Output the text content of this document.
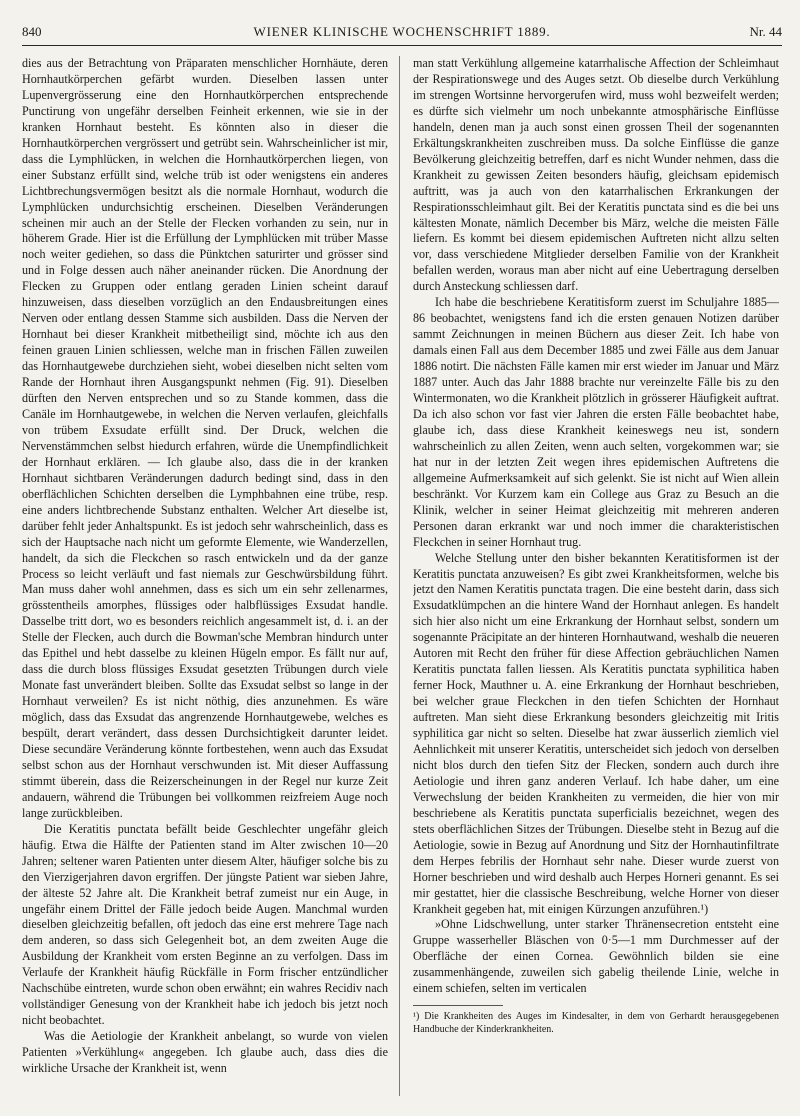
840	WIENER KLINISCHE WOCHENSCHRIFT 1889.	Nr. 44

dies aus der Betrachtung von Präparaten menschlicher Hornhäute, deren Hornhautkörperchen gefärbt wurden. Dieselben lassen unter Lupenvergrösserung eine den Hornhautkörperchen entsprechende Punctirung von ungefähr derselben Feinheit erkennen, wie sie in der kranken Hornhaut besteht. Es könnten also in dieser die Hornhautkörperchen vergrössert und getrübt sein. Wahrscheinlicher ist mir, dass die Lymphlücken, in welchen die Hornhautkörperchen liegen, von einer Substanz erfüllt sind, welche trüb ist oder wenigstens ein anderes Lichtbrechungsvermögen besitzt als die normale Hornhaut, wodurch die Lymphlücken undurchsichtig erscheinen. Dieselben Veränderungen scheinen mir auch an der Stelle der Flecken vorhanden zu sein, nur in höherem Grade. Hier ist die Erfüllung der Lymphlücken mit trüber Masse noch weiter gediehen, so dass die Pünktchen saturirter und grösser sind und in Folge dessen auch näher aneinander rücken. Die Anordnung der Flecken zu Gruppen oder entlang geraden Linien scheint darauf hinzuweisen, dass dieselben vorzüglich an den Endausbreitungen eines Nerven oder entlang dessen Stamme sich ausbilden. Dass die Nerven der Hornhaut bei dieser Krankheit mitbetheiligt sind, möchte ich aus den feinen grauen Linien schliessen, welche man in frischen Fällen zuweilen das Hornhautgewebe durchziehen sieht, wobei dieselben nicht selten vom Rande der Hornhaut ihren Ausgangspunkt nehmen (Fig. 91). Dieselben dürften den Nerven entsprechen und so zu Stande kommen, dass die Canäle im Hornhautgewebe, in welchen die Nerven verlaufen, gleichfalls von trübem Exsudate erfüllt sind. Der Druck, welchen die Nervenstämmchen selbst hiedurch erfahren, würde die Unempfindlichkeit der Hornhaut erklären. — Ich glaube also, dass die in der kranken Hornhaut sichtbaren Veränderungen dadurch bedingt sind, dass in den oberflächlichen Schichten derselben die Lymphbahnen eine trübe, resp. eine anders lichtbrechende Substanz enthalten. Welcher Art dieselbe ist, darüber fehlt jeder Anhaltspunkt. Es ist jedoch sehr wahrscheinlich, dass es sich der Hauptsache nach nicht um geformte Elemente, wie Wanderzellen, handelt, da sich die Fleckchen so rasch entwickeln und da der ganze Process so leicht verläuft und fast niemals zur Geschwürsbildung führt. Man muss daher wohl annehmen, dass es sich um ein sehr zellenarmes, grösstentheils amorphes, flüssiges oder halbflüssiges Exsudat handle. Dasselbe tritt dort, wo es besonders reichlich angesammelt ist, d. i. an der Stelle der Flecken, auch durch die Bowman'sche Membran hindurch unter das Epithel und hebt dasselbe zu kleinen Hügeln empor. Es fällt nur auf, dass die durch bloss flüssiges Exsudat gesetzten Trübungen durch viele Monate fast unverändert bleiben. Sollte das Exsudat selbst so lange in der Hornhaut verweilen? Es ist nicht nöthig, dies anzunehmen. Es wäre möglich, dass das Exsudat das angrenzende Hornhautgewebe, welches es bespült, derart verändert, dass dessen Durchsichtigkeit darunter leidet. Diese secundäre Veränderung könnte fortbestehen, wenn auch das Exsudat selbst schon aus der Hornhaut verschwunden ist. Mit dieser Auffassung stimmt überein, dass die Reizerscheinungen in der Regel nur kurze Zeit andauern, während die Trübungen bei vollkommen reizfreiem Auge noch lange zurückbleiben.

Die Keratitis punctata befällt beide Geschlechter ungefähr gleich häufig. Etwa die Hälfte der Patienten stand im Alter zwischen 10—20 Jahren; seltener waren Patienten unter diesem Alter, häufiger solche bis zu den Vierzigerjahren davon ergriffen. Der jüngste Patient war sieben Jahre, der älteste 52 Jahre alt. Die Krankheit betraf zumeist nur ein Auge, in ungefähr einem Drittel der Fälle jedoch beide Augen. Manchmal wurden dieselben gleichzeitig befallen, oft jedoch das eine erst mehrere Tage nach dem anderen, so dass sich Gelegenheit bot, an dem zweiten Auge die Ausbildung der Krankheit vom ersten Beginne an zu verfolgen. Dass im Verlaufe der Krankheit häufig Rückfälle in Form frischer entzündlicher Nachschübe eintreten, wurde schon oben erwähnt; ein wahres Recidiv nach vollständiger Genesung von der Krankheit habe ich jedoch bis jetzt noch nicht beobachtet.

Was die Aetiologie der Krankheit anbelangt, so wurde von vielen Patienten »Verkühlung« angegeben. Ich glaube auch, dass dies die wirkliche Ursache der Krankheit ist, wenn

man statt Verkühlung allgemeine katarrhalische Affection der Schleimhaut der Respirationswege und des Auges setzt. Ob dieselbe durch Verkühlung im strengen Wortsinne hervorgerufen wird, muss wohl bezweifelt werden; es dürfte sich vielmehr um noch unbekannte atmosphärische Einflüsse handeln, denen man ja auch sonst einen grossen Theil der sogenannten Erkältungskrankheiten zuschreiben muss. Da solche Einflüsse die ganze Bevölkerung gleichzeitig betreffen, darf es nicht Wunder nehmen, dass die Krankheit zu gewissen Zeiten besonders häufig, gleichsam epidemisch auftritt, was ja auch von den katarrhalischen Erkrankungen der Respirationsschleimhaut gilt. Bei der Keratitis punctata sind es die bei uns kältesten Monate, nämlich December bis März, welche die meisten Fälle liefern. Es kommt bei diesem epidemischen Auftreten nicht allzu selten vor, dass verschiedene Mitglieder derselben Familie von der Krankheit befallen werden, woraus man aber nicht auf eine Uebertragung derselben durch Ansteckung schliessen darf.

Ich habe die beschriebene Keratitisform zuerst im Schuljahre 1885—86 beobachtet, wenigstens fand ich die ersten genauen Notizen darüber sammt Zeichnungen in meinen Büchern aus dieser Zeit. Ich habe von damals einen Fall aus dem December 1885 und zwei Fälle aus dem Januar 1886 notirt. Die nächsten Fälle kamen mir erst wieder im Januar und März 1887 unter. Auch das Jahr 1888 brachte nur vereinzelte Fälle bis zu den Wintermonaten, wo die Krankheit plötzlich in grösserer Häufigkeit auftrat. Da ich also schon vor fast vier Jahren die ersten Fälle beobachtet habe, glaube ich, dass diese Krankheit keineswegs neu ist, sondern wahrscheinlich zu allen Zeiten, wenn auch selten, vorgekommen war; sie hat nur in der letzten Zeit wegen ihres epidemischen Auftretens die allgemeine Aufmerksamkeit auf sich gelenkt. Sie ist nicht auf Wien allein beschränkt. Vor Kurzem kam ein College aus Graz zu Besuch an die Klinik, welcher in seiner Heimat gleichzeitig mit mehreren anderen Personen daran erkrankt war und noch immer die charakteristischen Fleckchen in seiner Hornhaut trug.

Welche Stellung unter den bisher bekannten Keratitisformen ist der Keratitis punctata anzuweisen? Es gibt zwei Krankheitsformen, welche bis jetzt den Namen Keratitis punctata tragen. Die eine besteht darin, dass sich Exsudatklümpchen an die hintere Wand der Hornhaut anlegen. Es handelt sich hier also nicht um eine Erkrankung der Hornhaut selbst, sondern um sogenannte Präcipitate an der hinteren Hornhautwand, weshalb die neueren Autoren mit Recht den früher für diese Affection gebräuchlichen Namen Keratitis punctata fallen liessen. Als Keratitis punctata syphilitica haben ferner Hock, Mauthner u. A. eine Erkrankung der Hornhaut beschrieben, bei welcher graue Fleckchen in den tiefen Schichten der Hornhaut auftreten. Man sieht diese Erkrankung besonders gleichzeitig mit Iritis syphilitica gar nicht so selten. Dieselbe hat zwar äusserlich ziemlich viel Aehnlichkeit mit unserer Keratitis, unterscheidet sich jedoch von derselben nicht blos durch den tiefen Sitz der Flecken, sondern auch durch ihre Aetiologie und ihren ganz anderen Verlauf. Ich habe daher, um eine Verwechslung der beiden Krankheiten zu vermeiden, die hier von mir beschriebene als Keratitis punctata superficialis bezeichnet, wegen des stets oberflächlichen Sitzes der Trübungen. Dieselbe steht in Bezug auf die Aetiologie, sowie in Bezug auf Anordnung und Sitz der Hornhautinfiltrate dem Herpes febrilis der Hornhaut sehr nahe. Dieser wurde zuerst von Horner beschrieben und wird deshalb auch Herpes Horneri genannt. Es sei mir gestattet, hier die classische Beschreibung, welche Horner von dieser Krankheit gegeben hat, mit einigen Kürzungen anzuführen.¹)

»Ohne Lidschwellung, unter starker Thränensecretion entsteht eine Gruppe wasserheller Bläschen von 0·5—1 mm Durchmesser auf der Oberfläche der einen Cornea. Gewöhnlich bilden sie eine zusammenhängende, zuweilen sich gabelig theilende Linie, welche in einem schiefen, selten im verticalen

¹) Die Krankheiten des Auges im Kindesalter, in dem von Gerhardt herausgegebenen Handbuche der Kinderkrankheiten.
